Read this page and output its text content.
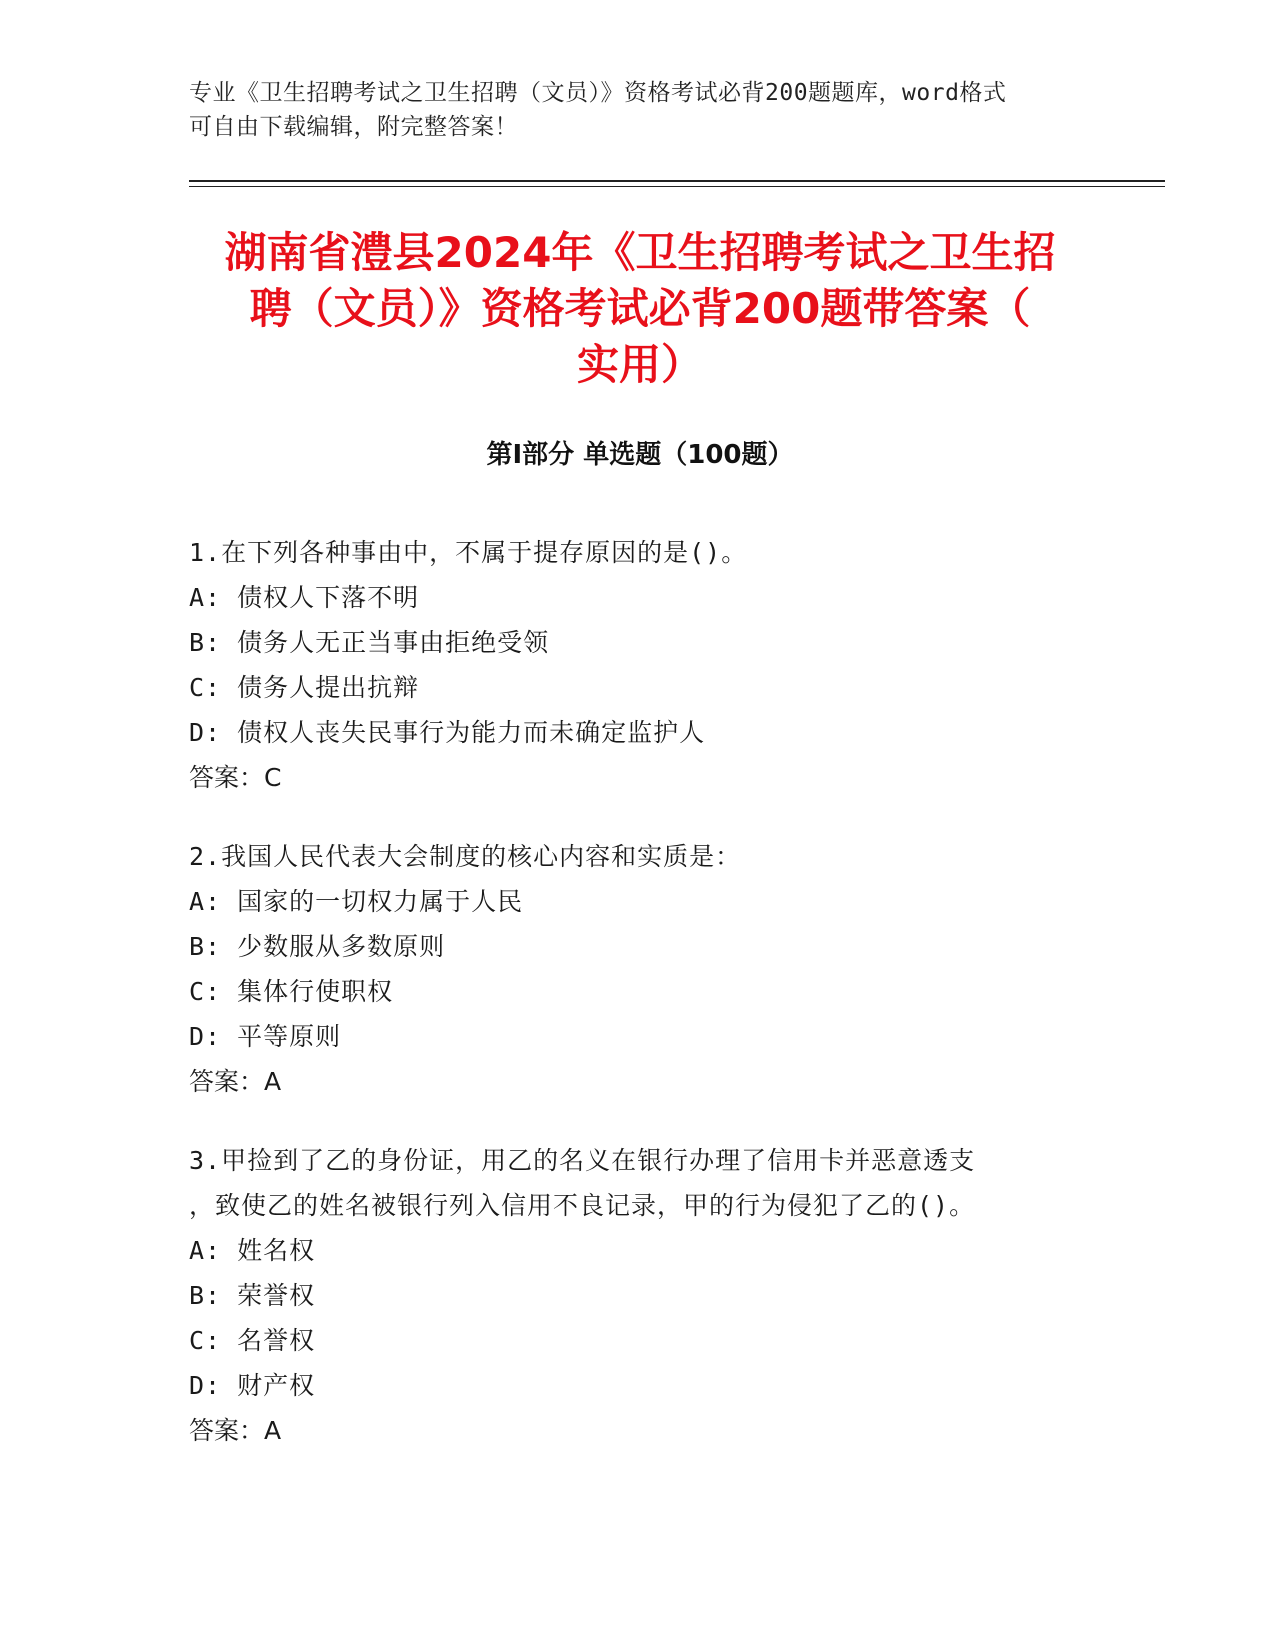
专业《卫生招聘考试之卫生招聘（文员）》资格考试必背200题题库，word格式
可自由下载编辑，附完整答案！
湖南省澧县2024年《卫生招聘考试之卫生招
聘（文员）》资格考试必背200题带答案（
实用）
第I部分 单选题（100题）
1.在下列各种事由中，不属于提存原因的是()。
A: 债权人下落不明
B: 债务人无正当事由拒绝受领
C: 债务人提出抗辩
D: 债权人丧失民事行为能力而未确定监护人
答案：C
2.我国人民代表大会制度的核心内容和实质是：
A: 国家的一切权力属于人民
B: 少数服从多数原则
C: 集体行使职权
D: 平等原则
答案：A
3.甲捡到了乙的身份证，用乙的名义在银行办理了信用卡并恶意透支
，致使乙的姓名被银行列入信用不良记录，甲的行为侵犯了乙的()。
A: 姓名权
B: 荣誉权
C: 名誉权
D: 财产权
答案：A
